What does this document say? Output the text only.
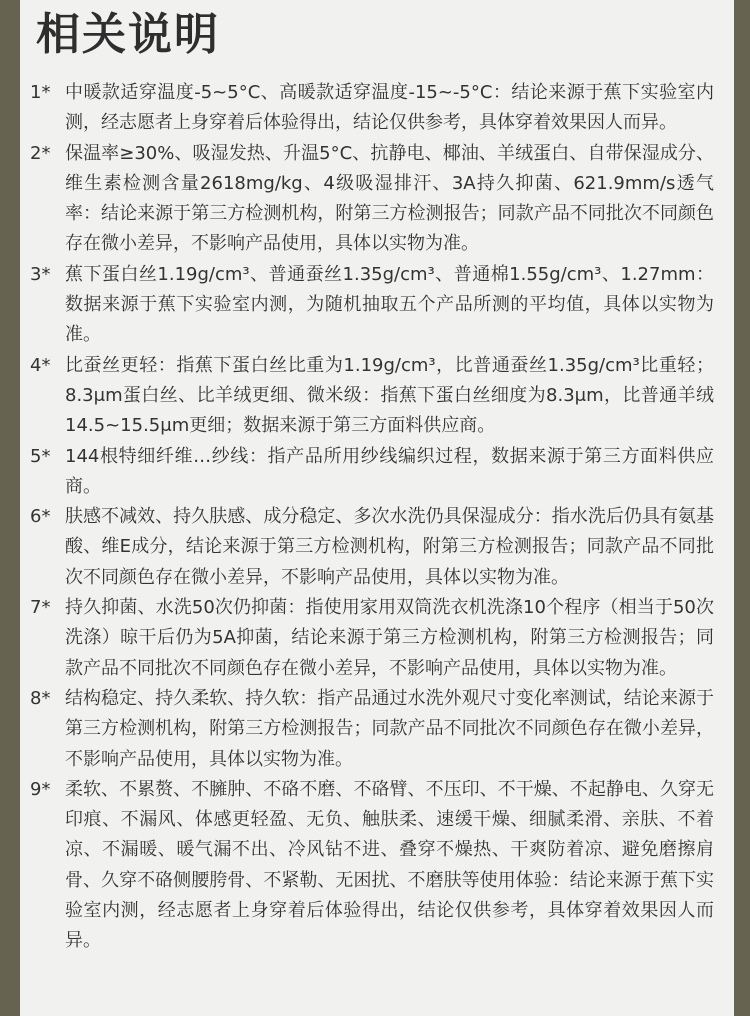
相关说明
1* 中暖款适穿温度-5~5°C、高暖款适穿温度-15~-5°C：结论来源于蕉下实验室内测，经志愿者上身穿着后体验得出，结论仅供参考，具体穿着效果因人而异。
2* 保温率≥30%、吸湿发热、升温5°C、抗静电、椰油、羊绒蛋白、自带保湿成分、维生素检测含量2618mg/kg、4级吸湿排汗、3A持久抑菌、621.9mm/s透气率：结论来源于第三方检测机构，附第三方检测报告；同款产品不同批次不同颜色存在微小差异，不影响产品使用，具体以实物为准。
3* 蕉下蛋白丝1.19g/cm³、普通蚕丝1.35g/cm³、普通棉1.55g/cm³、1.27mm：数据来源于蕉下实验室内测，为随机抽取五个产品所测的平均值，具体以实物为准。
4* 比蚕丝更轻：指蕉下蛋白丝比重为1.19g/cm³，比普通蚕丝1.35g/cm³比重轻；8.3μm蛋白丝、比羊绒更细、微米级：指蕉下蛋白丝细度为8.3μm，比普通羊绒14.5~15.5μm更细；数据来源于第三方面料供应商。
5* 144根特细纤维…纱线：指产品所用纱线编织过程，数据来源于第三方面料供应商。
6* 肤感不减效、持久肤感、成分稳定、多次水洗仍具保湿成分：指水洗后仍具有氨基酸、维E成分，结论来源于第三方检测机构，附第三方检测报告；同款产品不同批次不同颜色存在微小差异，不影响产品使用，具体以实物为准。
7* 持久抑菌、水洗50次仍抑菌：指使用家用双筒洗衣机洗涤10个程序（相当于50次洗涤）晾干后仍为5A抑菌，结论来源于第三方检测机构，附第三方检测报告；同款产品不同批次不同颜色存在微小差异，不影响产品使用，具体以实物为准。
8* 结构稳定、持久柔软、持久软：指产品通过水洗外观尺寸变化率测试，结论来源于第三方检测机构，附第三方检测报告；同款产品不同批次不同颜色存在微小差异，不影响产品使用，具体以实物为准。
9* 柔软、不累赘、不臃肿、不硌不磨、不硌臂、不压印、不干燥、不起静电、久穿无印痕、不漏风、体感更轻盈、无负、触肤柔、速缓干燥、细腻柔滑、亲肤、不着凉、不漏暖、暖气漏不出、冷风钻不进、叠穿不燥热、干爽防着凉、避免磨擦肩骨、久穿不硌侧腰胯骨、不紧勒、无困扰、不磨肤等使用体验：结论来源于蕉下实验室内测，经志愿者上身穿着后体验得出，结论仅供参考，具体穿着效果因人而异。
